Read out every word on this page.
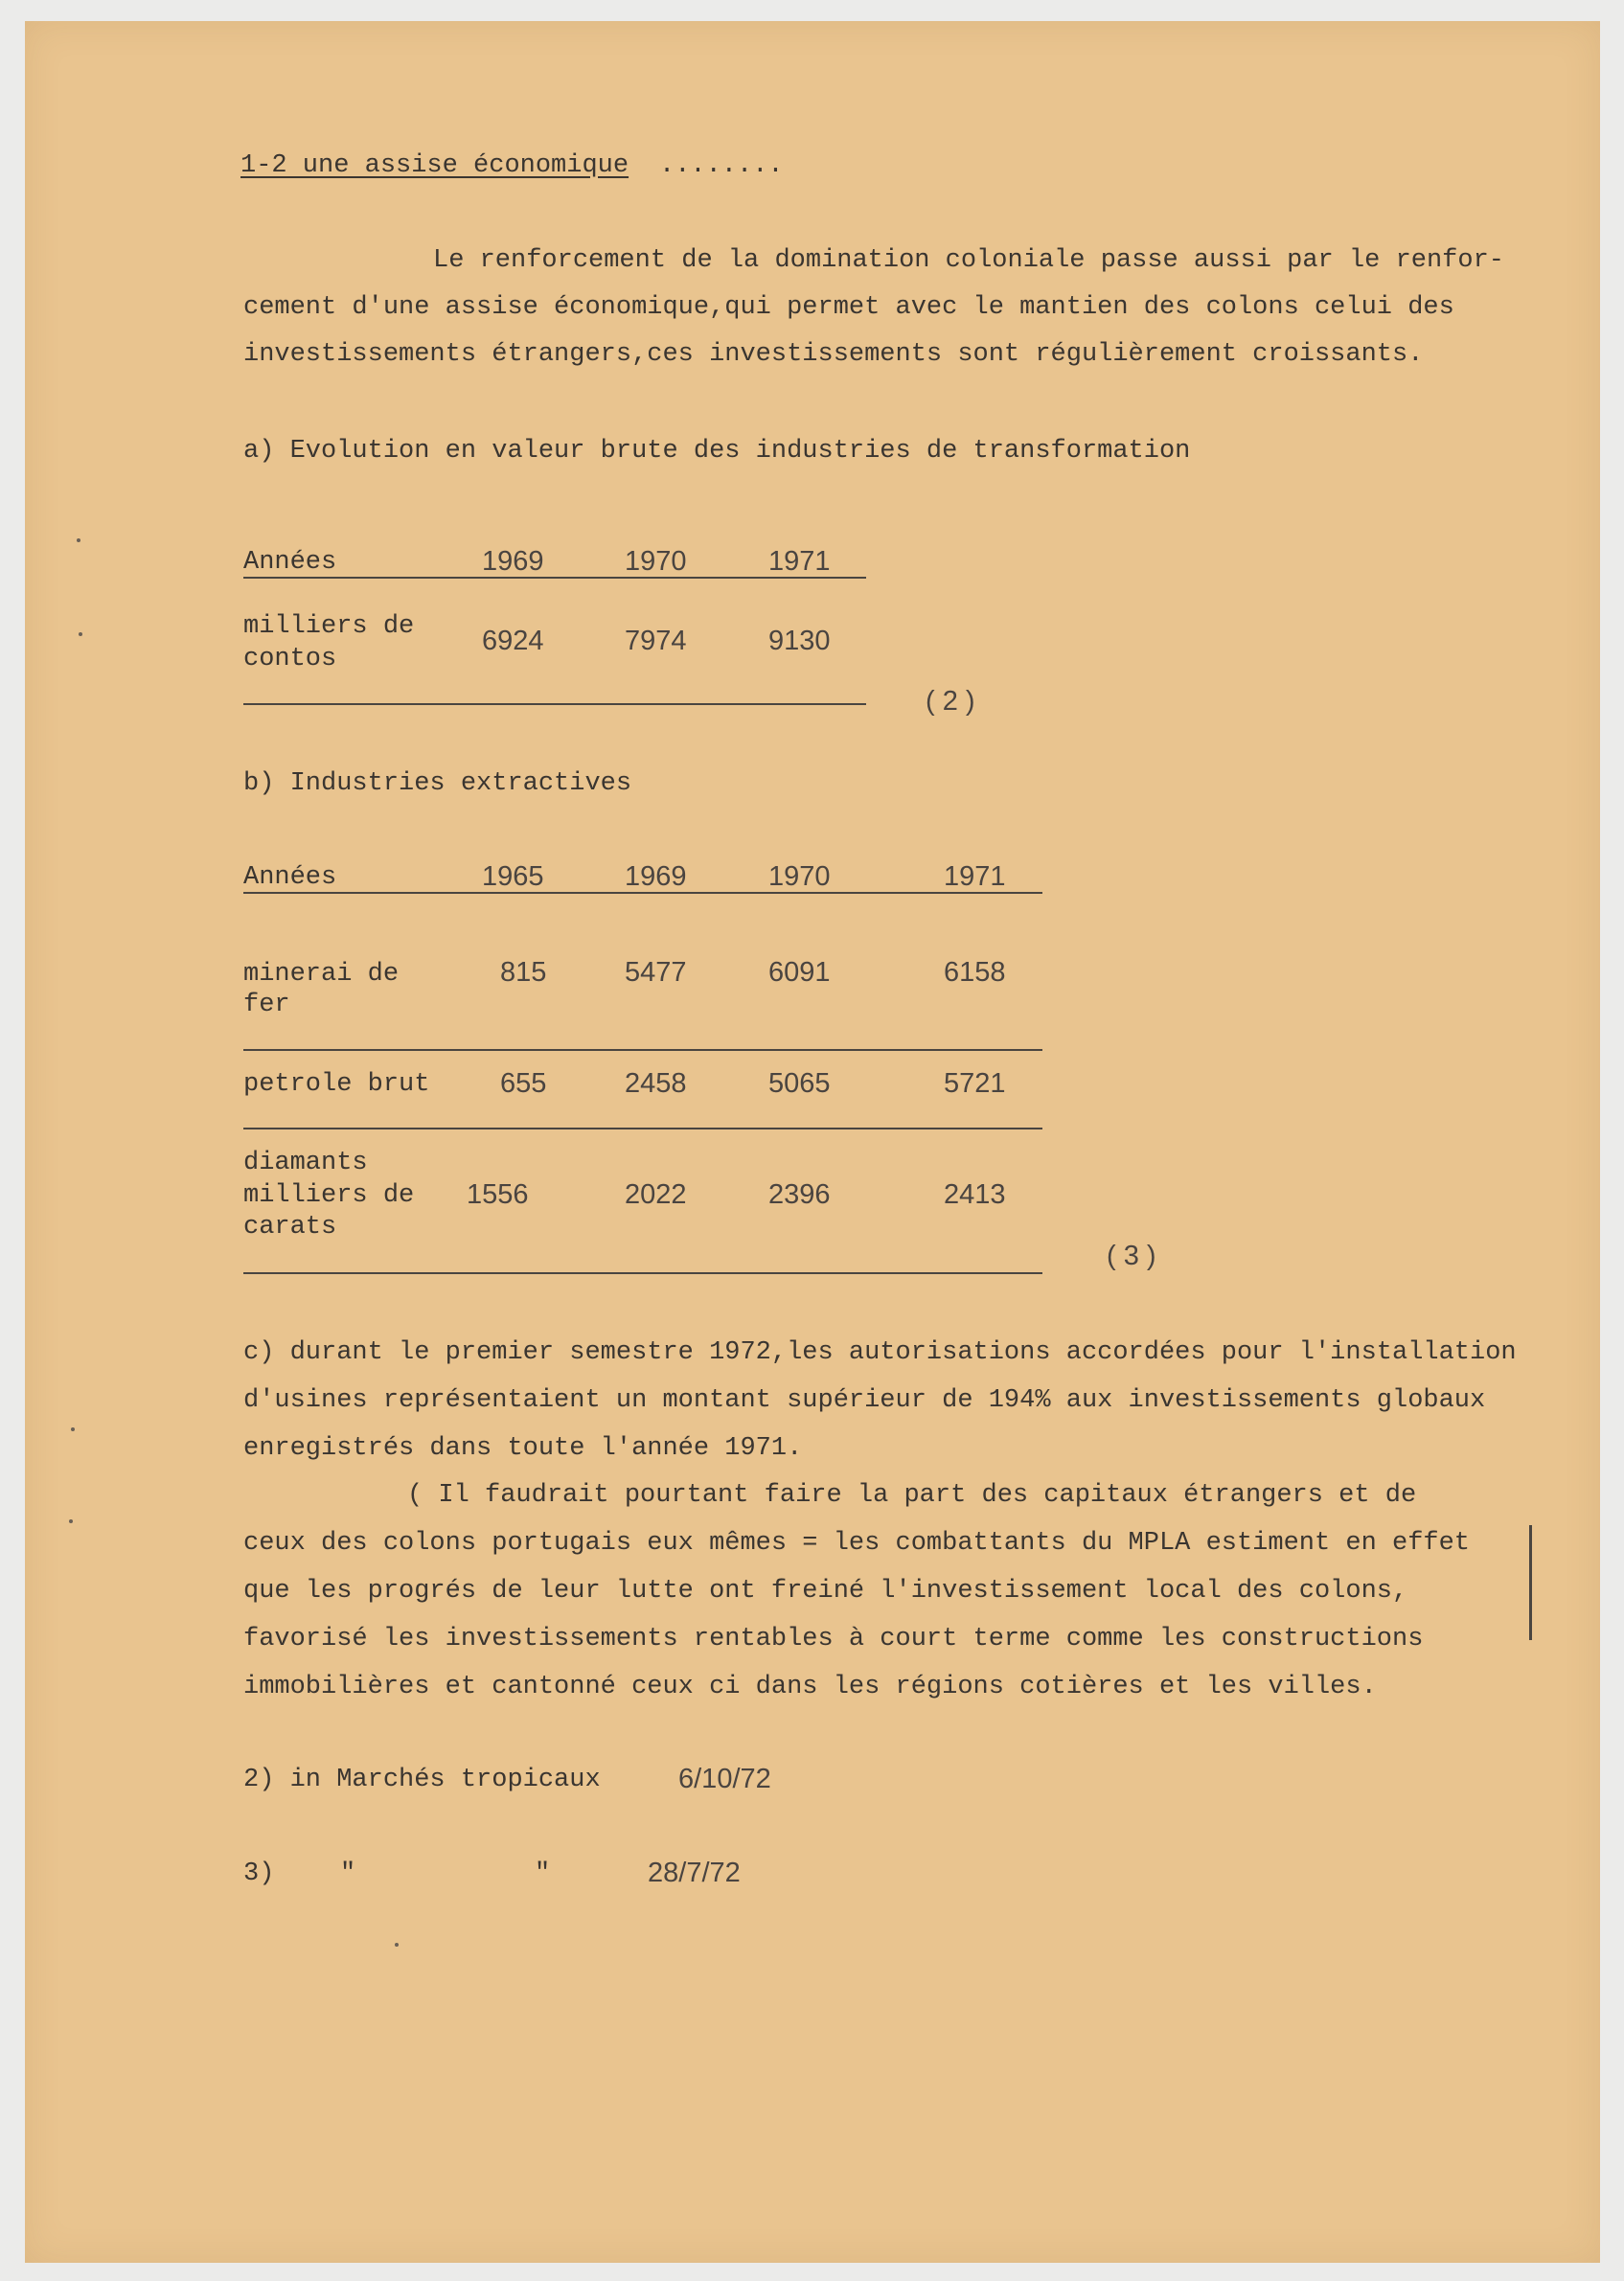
1-2 une assise économique ........
Le renforcement de la domination coloniale passe aussi par le renfor-
cement d'une assise économique,qui permet avec le mantien des colons celui des
investissements étrangers,ces investissements sont régulièrement croissants.
a) Evolution en valeur brute des industries de transformation
Années	1969	1970	1971
milliers de
contos
6924	7974	9130
( 2 )
b) Industries extractives
Années	1965	1969	1970	1971
minerai de
fer
815	5477	6091	6158
petrole brut	655	2458	5065	5721
diamants
milliers de
carats
1556	2022	2396	2413
( 3 )
c) durant le premier semestre 1972,les autorisations accordées pour l'installation
d'usines représentaient un montant supérieur de 194% aux investissements globaux
enregistrés dans toute l'année 1971.
( Il faudrait pourtant faire la part des capitaux étrangers et de
ceux des colons portugais eux mêmes = les combattants du MPLA estiment en effet
que les progrés de leur lutte ont freiné l'investissement local des colons,
favorisé les investissements rentables à court terme comme les constructions
immobilières et cantonné ceux ci dans les régions cotières et les villes.
2) in Marchés tropicaux	6/10/72
3)	"	"	28/7/72
